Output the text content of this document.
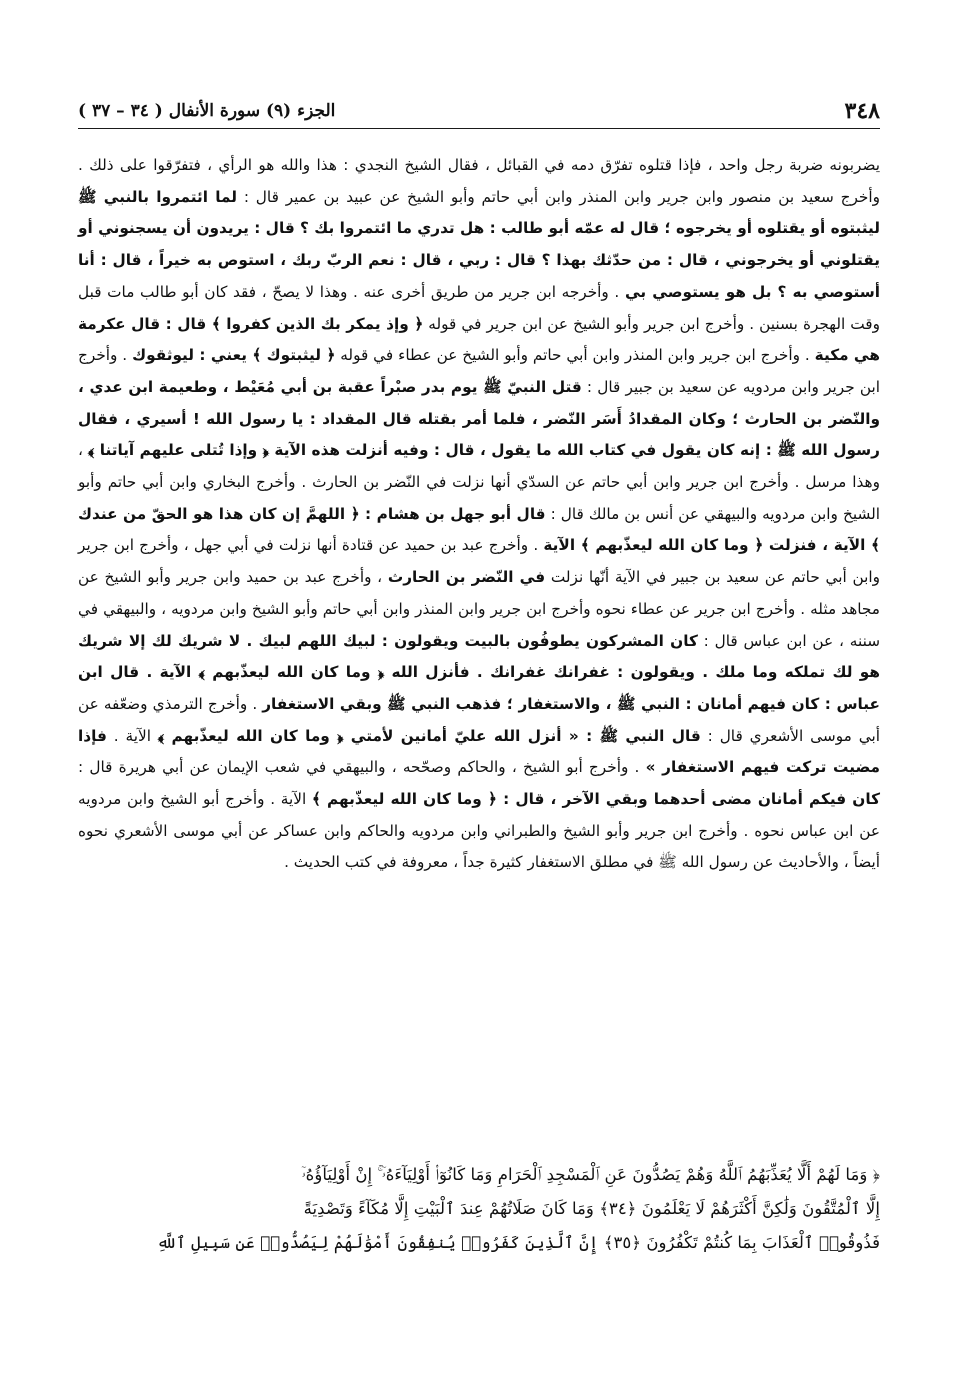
٣٤٨
الجزء (٩) سورة الأنفال ( ٣٤ – ٣٧ )

يضربونه ضربة رجل واحد ، فإذا قتلوه تفرّق دمه في القبائل ، فقال الشيخ النجدي : هذا والله هو الرأي ، فتفرّقوا على ذلك . وأخرج سعيد بن منصور وابن جرير وابن المنذر وابن أبي حاتم وأبو الشيخ عن عبيد بن عمير قال : لما ائتمروا بالنبي ﷺ ليثبتوه أو يقتلوه أو يخرجوه ؛ قال له عمّه أبو طالب : هل تدري ما ائتمروا بك ؟ قال : يريدون أن يسجنوني أو يقتلوني أو يخرجوني ، قال : من حدّثك بهذا ؟ قال : ربي ، قال : نعم الربّ ربك ، استوص به خيراً ، قال : أنا أستوصي به ؟ بل هو يستوصي بي . وأخرجه ابن جرير من طريق أخرى عنه . وهذا لا يصحّ ، فقد كان أبو طالب مات قبل وقت الهجرة بسنين . وأخرج ابن جرير وأبو الشيخ عن ابن جرير في قوله ﴿ وإذ يمكر بك الذين كفروا ﴾ قال : قال عكرمة هي مكية . وأخرج ابن جرير وابن المنذر وابن أبي حاتم وأبو الشيخ عن عطاء في قوله ﴿ ليثبتوك ﴾ يعني : ليوثقوك . وأخرج ابن جرير وابن مردويه عن سعيد بن جبير قال : قتل النبيّ ﷺ يوم بدر صبْراً عقبة بن أبي مُعَيْط ، وطعيمة ابن عدي ، والنّضر بن الحارث ؛ وكان المقدادُ أَسَر النّضر ، فلما أمر بقتله قال المقداد : يا رسول الله ! أسيري ، فقال رسول الله ﷺ : إنه كان يقول في كتاب الله ما يقول ، قال : وفيه أنزلت هذه الآية ﴿ وإذا تُتلى عليهم آياتنا ﴾ ، وهذا مرسل . وأخرج ابن جرير وابن أبي حاتم عن السدّي أنها نزلت في النّضر بن الحارث . وأخرج البخاري وابن أبي حاتم وأبو الشيخ وابن مردويه والبيهقي عن أنس بن مالك قال : قال أبو جهل بن هشام : ﴿ اللهمَّ إن كان هذا هو الحقّ من عندك ﴾ الآية ، فنزلت ﴿ وما كان الله ليعذّبهم ﴾ الآية . وأخرج عبد بن حميد عن قتادة أنها نزلت في أبي جهل ، وأخرج ابن جرير وابن أبي حاتم عن سعيد بن جبير في الآية أنّها نزلت في النّضر بن الحارث ، وأخرج عبد بن حميد وابن جرير وأبو الشيخ عن مجاهد مثله . وأخرج ابن جرير عن عطاء نحوه وأخرج ابن جرير وابن المنذر وابن أبي حاتم وأبو الشيخ وابن مردويه ، والبيهقي في سننه ، عن ابن عباس قال : كان المشركون يطوفُون بالبيت ويقولون : لبيك اللهم لبيك . لا شريك لك إلا شريك هو لك تملكه وما ملك . ويقولون : غفرانك غفرانك . فأنزل الله ﴿ وما كان الله ليعذّبهم ﴾ الآية . قال ابن عباس : كان فيهم أمانان : النبي ﷺ ، والاستغفار ؛ فذهب النبي ﷺ وبقي الاستغفار . وأخرج الترمذي وضعّفه عن أبي موسى الأشعري قال : قال النبي ﷺ : « أنزل الله عليّ أمانين لأمتي ﴿ وما كان الله ليعذّبهم ﴾ الآية . فإذا مضيت تركت فيهم الاستغفار » . وأخرج أبو الشيخ ، والحاكم وصحّحه ، والبيهقي في شعب الإيمان عن أبي هريرة قال : كان فيكم أمانان مضى أحدهما وبقي الآخر ، قال : ﴿ وما كان الله ليعذّبهم ﴾ الآية . وأخرج أبو الشيخ وابن مردويه عن ابن عباس نحوه . وأخرج ابن جرير وأبو الشيخ والطبراني وابن مردويه والحاكم وابن عساكر عن أبي موسى الأشعري نحوه أيضاً ، والأحاديث عن رسول الله ﷺ في مطلق الاستغفار كثيرة جداً ، معروفة في كتب الحديث .

﴿ وَمَا لَهُمْ أَلَّا يُعَذِّبَهُمُ ٱللَّهُ وَهُمْ يَصُدُّونَ عَنِ ٱلْمَسْجِدِ ٱلْحَرَامِ وَمَا كَانُوٓا۟ أَوْلِيَآءَهُۥٓ ۚ إِنْ أَوْلِيَآؤُهُۥٓ

إِلَّا ٱلْمُتَّقُونَ وَلَٰكِنَّ أَكْثَرَهُمْ لَا يَعْلَمُونَ ﴿٣٤﴾ وَمَا كَانَ صَلَاتُهُمْ عِندَ ٱلْبَيْتِ إِلَّا مُكَآءً وَتَصْدِيَةً

فَذُوقُوا۟ ٱلْعَذَابَ بِمَا كُنتُمْ تَكْفُرُونَ ﴿٣٥﴾ إِنَّ ٱلَّذِينَ كَفَرُوا۟ يُنفِقُونَ أَمْوَٰلَهُمْ لِيَصُدُّوا۟ عَن سَبِيلِ ٱللَّهِ
